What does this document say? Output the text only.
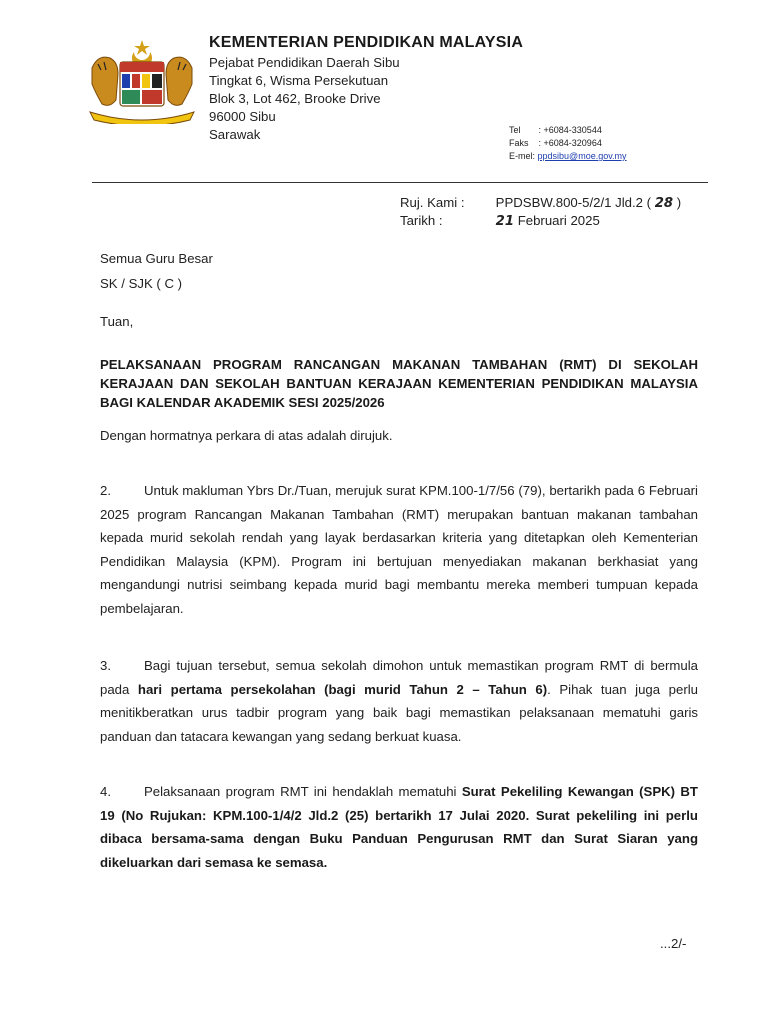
KEMENTERIAN PENDIDIKAN MALAYSIA
Pejabat Pendidikan Daerah Sibu
Tingkat 6, Wisma Persekutuan
Blok 3, Lot 462, Brooke Drive
96000 Sibu
Sarawak	Tel : +6084-330544
Faks : +6084-320964
E-mel: ppdsibu@moe.gov.my
Ruj. Kami : PPDSBW.800-5/2/1 Jld.2 ( 28 )
Tarikh :	21 Februari 2025
Semua Guru Besar
SK / SJK ( C )
Tuan,
PELAKSANAAN PROGRAM RANCANGAN MAKANAN TAMBAHAN (RMT) DI SEKOLAH KERAJAAN DAN SEKOLAH BANTUAN KERAJAAN KEMENTERIAN PENDIDIKAN MALAYSIA BAGI KALENDAR AKADEMIK SESI 2025/2026
Dengan hormatnya perkara di atas adalah dirujuk.
2.	Untuk makluman Ybrs Dr./Tuan, merujuk surat KPM.100-1/7/56 (79), bertarikh pada 6 Februari 2025 program Rancangan Makanan Tambahan (RMT) merupakan bantuan makanan tambahan kepada murid sekolah rendah yang layak berdasarkan kriteria yang ditetapkan oleh Kementerian Pendidikan Malaysia (KPM). Program ini bertujuan menyediakan makanan berkhasiat yang mengandungi nutrisi seimbang kepada murid bagi membantu mereka memberi tumpuan kepada pembelajaran.
3.	Bagi tujuan tersebut, semua sekolah dimohon untuk memastikan program RMT di bermula pada hari pertama persekolahan (bagi murid Tahun 2 – Tahun 6). Pihak tuan juga perlu menitikberatkan urus tadbir program yang baik bagi memastikan pelaksanaan mematuhi garis panduan dan tatacara kewangan yang sedang berkuat kuasa.
4.	Pelaksanaan program RMT ini hendaklah mematuhi Surat Pekeliling Kewangan (SPK) BT 19 (No Rujukan: KPM.100-1/4/2 Jld.2 (25) bertarikh 17 Julai 2020. Surat pekeliling ini perlu dibaca bersama-sama dengan Buku Panduan Pengurusan RMT dan Surat Siaran yang dikeluarkan dari semasa ke semasa.
...2/-
